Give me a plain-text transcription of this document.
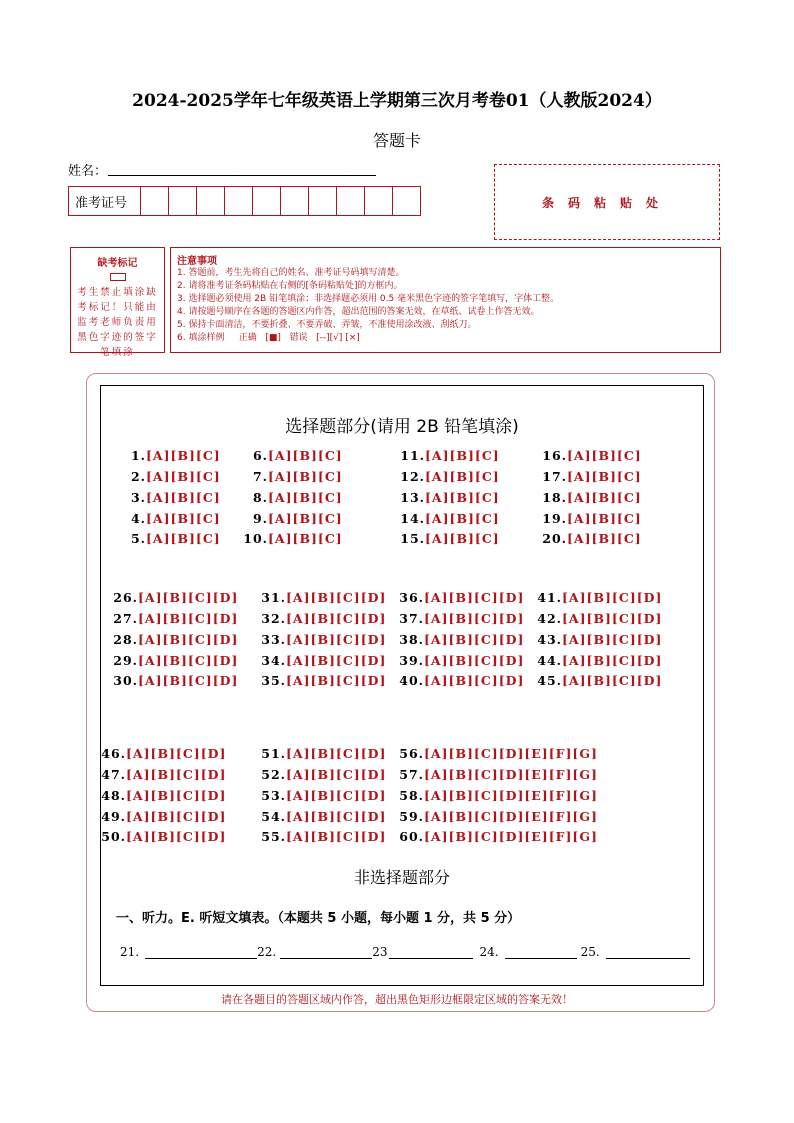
2024-2025学年七年级英语上学期第三次月考卷01（人教版2024）
答题卡
姓名：
准考证号	条码粘贴处
缺考标记
考生禁止填涂缺考标记！只能由监考老师负责用黑色字迹的签字笔填涂
注意事项
1. 答题前，考生先将自己的姓名、准考证号码填写清楚。
2. 请将准考证条码粘贴在右侧的[条码粘贴处]的方框内。
3. 选择题必须使用 2B 铅笔填涂；非选择题必须用 0.5 毫米黑色字迹的签字笔填写，字体工整。
4. 请按题号顺序在各题的答题区内作答，超出范围的答案无效，在草纸、试卷上作答无效。
5. 保持卡面清洁，不要折叠、不要弄破、弄皱，不准使用涂改液、刮纸刀。
6. 填涂样例 正确 [■] 错误 [--][√] [×]
选择题部分(请用 2B 铅笔填涂)
1. [A][B][C]
2. [A][B][C]
3. [A][B][C]
4. [A][B][C]
5. [A][B][C]
6. [A][B][C]
7. [A][B][C]
8. [A][B][C]
9. [A][B][C]
10. [A][B][C]
11. [A][B][C]
12. [A][B][C]
13. [A][B][C]
14. [A][B][C]
15. [A][B][C]
16. [A][B][C]
17. [A][B][C]
18. [A][B][C]
19. [A][B][C]
20. [A][B][C]
26. [A][B][C][D]
27. [A][B][C][D]
28. [A][B][C][D]
29. [A][B][C][D]
30. [A][B][C][D]
31. [A][B][C][D]
32. [A][B][C][D]
33. [A][B][C][D]
34. [A][B][C][D]
35. [A][B][C][D]
36. [A][B][C][D]
37. [A][B][C][D]
38. [A][B][C][D]
39. [A][B][C][D]
40. [A][B][C][D]
41. [A][B][C][D]
42. [A][B][C][D]
43. [A][B][C][D]
44. [A][B][C][D]
45. [A][B][C][D]
46. [A][B][C][D]
47. [A][B][C][D]
48. [A][B][C][D]
49. [A][B][C][D]
50. [A][B][C][D]
51. [A][B][C][D]
52. [A][B][C][D]
53. [A][B][C][D]
54. [A][B][C][D]
55. [A][B][C][D]
56. [A][B][C][D][E][F][G]
57. [A][B][C][D][E][F][G]
58. [A][B][C][D][E][F][G]
59. [A][B][C][D][E][F][G]
60. [A][B][C][D][E][F][G]
非选择题部分
一、听力。E. 听短文填表。（本题共 5 小题，每小题 1 分，共 5 分）
21.	22.	23	24.	25.
请在各题目的答题区域内作答，超出黑色矩形边框限定区域的答案无效！
